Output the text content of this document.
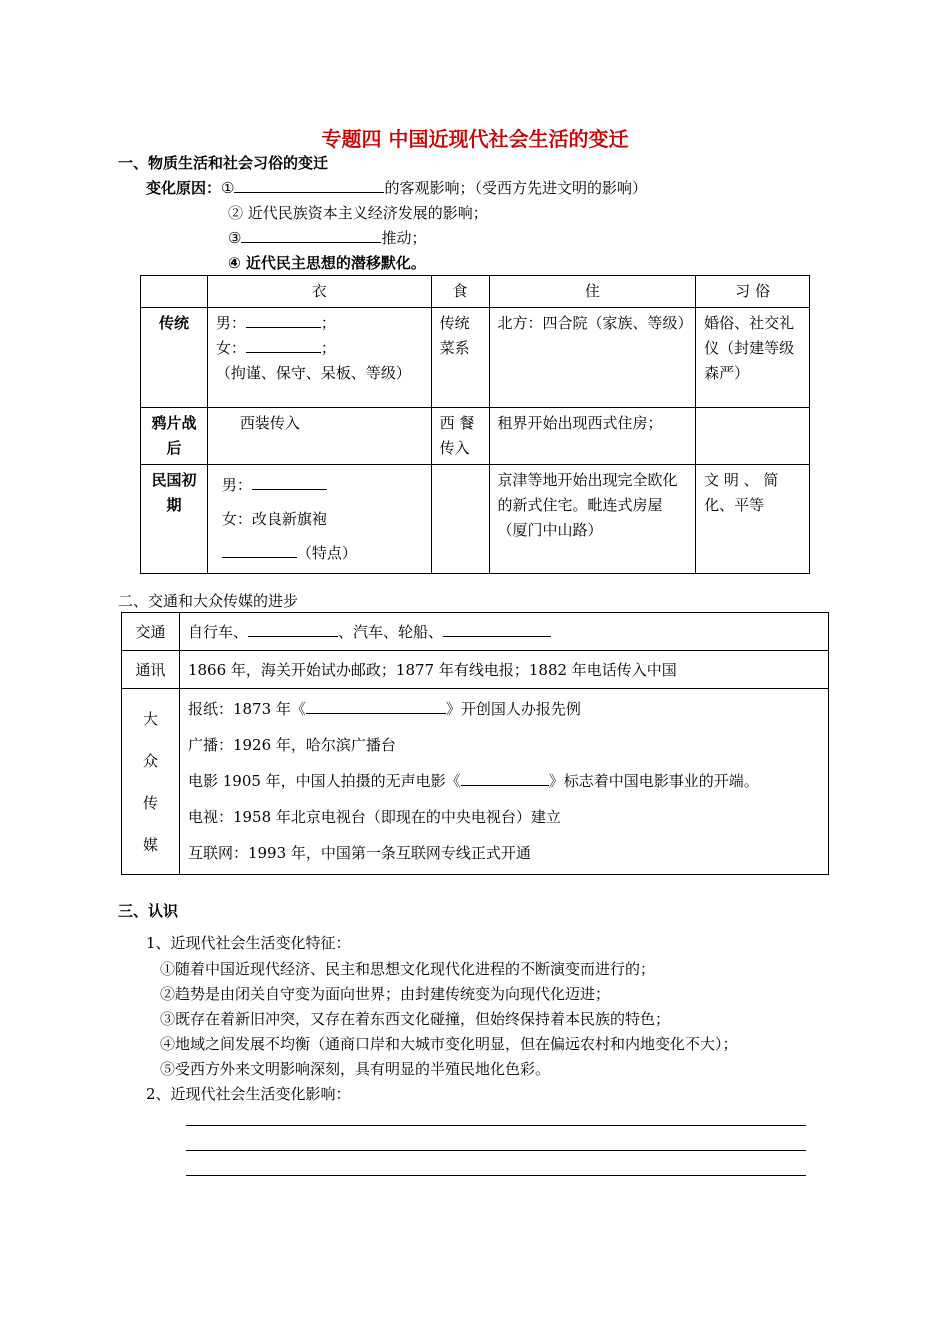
专题四 中国近现代社会生活的变迁
一、物质生活和社会习俗的变迁
变化原因：①	的客观影响；（受西方先进文明的影响）
② 近代民族资本主义经济发展的影响；
③	推动；
④ 近代民主思想的潜移默化。
	衣	食	住	习 俗
传统	男： ；
女： ；
（拘谨、保守、呆板、等级）	传统菜系	北方：四合院（家族、等级）	婚俗、社交礼仪（封建等级森严）
鸦片战后	西装传入	西 餐 传入	租界开始出现西式住房；	
民国初期	男：
女：改良新旗袍
（特点）		京津等地开始出现完全欧化的新式住宅。毗连式房屋（厦门中山路）	文 明 、 简化、平等
二、交通和大众传媒的进步
交通	自行车、 、汽车、轮船、
通讯	1866 年，海关开始试办邮政；1877 年有线电报；1882 年电话传入中国
大众传媒	报纸：1873 年《 》开创国人办报先例
广播：1926 年，哈尔滨广播台
电影 1905 年，中国人拍摄的无声电影《 》标志着中国电影事业的开端。
电视：1958 年北京电视台（即现在的中央电视台）建立
互联网：1993 年，中国第一条互联网专线正式开通
三、认识
1、近现代社会生活变化特征：
①随着中国近现代经济、民主和思想文化现代化进程的不断演变而进行的；
②趋势是由闭关自守变为面向世界；由封建传统变为向现代化迈进；
③既存在着新旧冲突，又存在着东西文化碰撞，但始终保持着本民族的特色；
④地域之间发展不均衡（通商口岸和大城市变化明显，但在偏远农村和内地变化不大）；
⑤受西方外来文明影响深刻，具有明显的半殖民地化色彩。
2、近现代社会生活变化影响：
